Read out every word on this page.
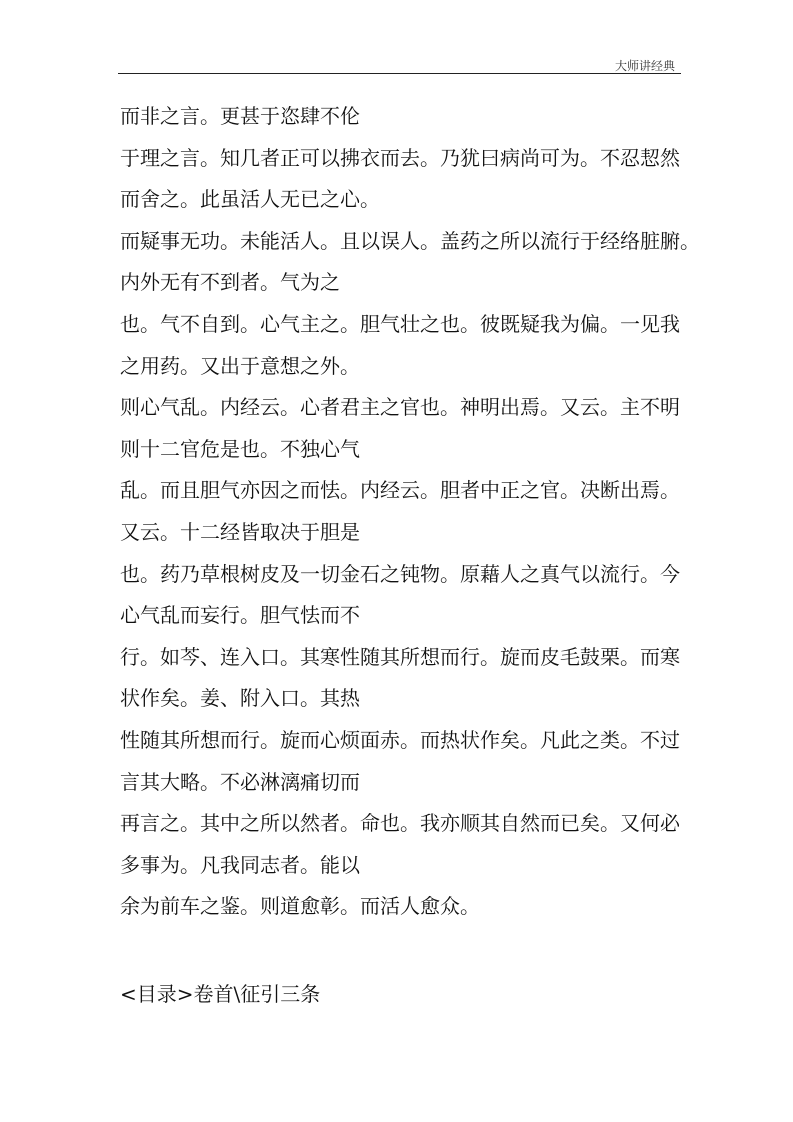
大师讲经典
而非之言。更甚于恣肆不伦
于理之言。知几者正可以拂衣而去。乃犹曰病尚可为。不忍恝然
而舍之。此虽活人无已之心。
而疑事无功。未能活人。且以误人。盖药之所以流行于经络脏腑。
内外无有不到者。气为之
也。气不自到。心气主之。胆气壮之也。彼既疑我为偏。一见我
之用药。又出于意想之外。
则心气乱。内经云。心者君主之官也。神明出焉。又云。主不明
则十二官危是也。不独心气
乱。而且胆气亦因之而怯。内经云。胆者中正之官。决断出焉。
又云。十二经皆取决于胆是
也。药乃草根树皮及一切金石之钝物。原藉人之真气以流行。今
心气乱而妄行。胆气怯而不
行。如芩、连入口。其寒性随其所想而行。旋而皮毛鼓栗。而寒
状作矣。姜、附入口。其热
性随其所想而行。旋而心烦面赤。而热状作矣。凡此之类。不过
言其大略。不必淋漓痛切而
再言之。其中之所以然者。命也。我亦顺其自然而已矣。又何必
多事为。凡我同志者。能以
余为前车之鉴。则道愈彰。而活人愈众。
<目录>卷首\征引三条
